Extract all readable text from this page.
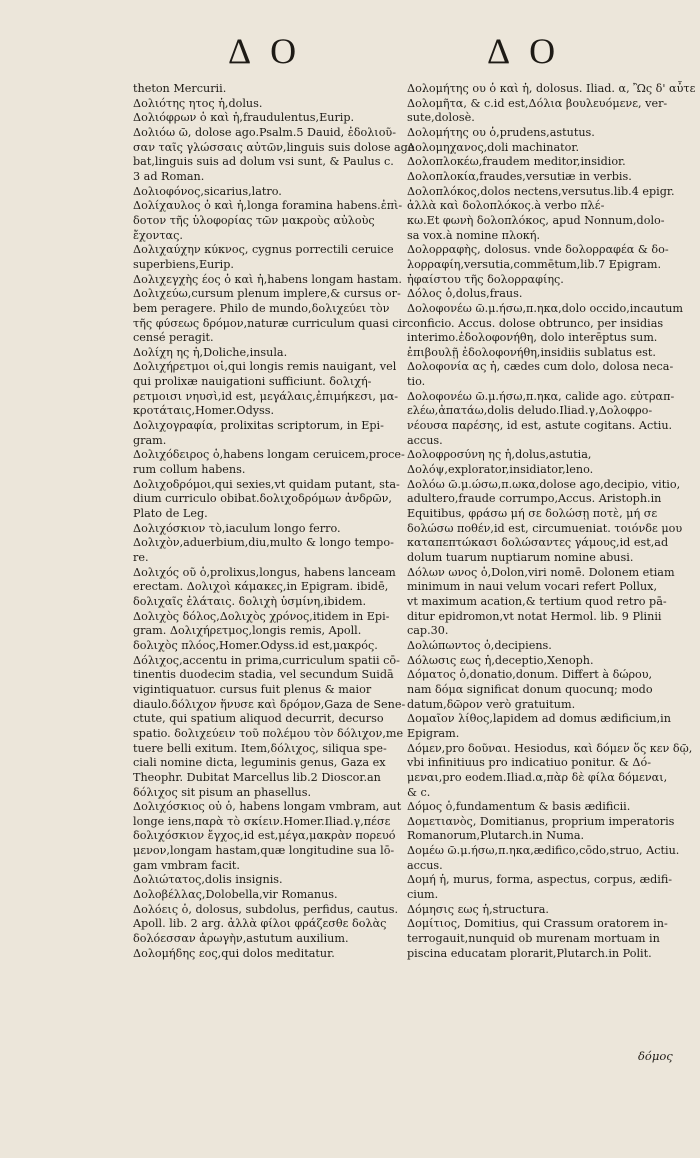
Δ Ο	Δ Ο
theton Mercurii.
Δολιότης ητος ἡ,dolus.
Δολιόφρων ὁ καὶ ἡ,fraudulentus,Eurip.
Δολιόω ῶ, dolose ago.Psalm.5 Dauid, ἐδολιοῦ-
σαν ταῖς γλώσσαις αὐτῶν,linguis suis dolose age
bat,linguis suis ad dolum vsi sunt, & Paulus c.
3 ad Roman.
Δολιοφόνος,sicarius,latro.
Δολίχαυλος ὁ καὶ ἡ,longa foramina habens.ἐπὶ-
δοτον τῆς ὑλοφορίας τῶν μακροὺς αὐλοὺς
ἔχοντας.
Δολιχαύχην κύκνος, cygnus porrectili ceruice
superbiens,Eurip.
Δολιχεγχὴς έος ὁ καὶ ἡ,habens longam hastam.
Δολιχεύω,cursum plenum implere,& cursus or-
bem peragere. Philo de mundo,δολιχεύει τὸν
τῆς φύσεως δρόμον,naturæ curriculum quasi cir
censé peragit.
Δολίχη ης ἡ,Doliche,insula.
Δολιχήρετμοι οἱ,qui longis remis nauigant, vel
qui prolixæ nauigationi sufficiunt. δολιχή-
ρετμοισι νηυσὶ,id est, μεγάλαις,ἐπιμήκεσι, μα-
κροτάταις,Homer.Odyss.
Δολιχογραφία, prolixitas scriptorum, in Epi-
gram.
Δολιχόδειρος ὁ,habens longam ceruicem,proce-
rum collum habens.
Δολιχοδρόμοι,qui sexies,vt quidam putant, sta-
dium curriculo obibat.δολιχοδρόμων ἀνδρῶν,
Plato de Leg.
Δολιχόσκιον τὸ,iaculum longo ferro.
Δολιχὸν,aduerbium,diu,multo & longo tempo-
re.
Δολιχός οῦ ὁ,prolixus,longus, habens lanceam
erectam. Δολιχοὶ κάμακες,in Epigram. ibidē,
δολιχαῖς ἐλάταις. δολιχὴ ὑσμίνη,ibidem.
Δολιχὸς δόλος,Δολιχὸς χρόνος,itidem in Epi-
gram. Δολιχήρετμος,longis remis, Apoll.
δολιχὸς πλόος,Homer.Odyss.id est,μακρός.
Δόλιχος,accentu in prima,curriculum spatii cō-
tinentis duodecim stadia, vel secundum Suidā
vigintiquatuor. cursus fuit plenus & maior
diaulo.δόλιχον ἥνυσε καὶ δρόμον,Gaza de Sene-
ctute, qui spatium aliquod decurrit, decurso
spatio. δολιχεύειν τοῦ πολέμου τὸν δόλιχον,me
tuere belli exitum. Item,δόλιχος, siliqua spe-
ciali nomine dicta, leguminis genus, Gaza ex
Theophr. Dubitat Marcellus lib.2 Dioscor.an
δόλιχος sit pisum an phasellus.
Δολιχόσκιος οὐ ὁ, habens longam vmbram, aut
longe iens,παρὰ τὸ σκίειν.Homer.Iliad.γ,πέσε
δολιχόσκιον ἔγχος,id est,μέγα,μακρὰν πορευό
μενον,longam hastam,quæ longitudine sua lō-
gam vmbram facit.
Δολιώτατος,dolis insignis.
Δολοβέλλας,Dolobella,vir Romanus.
Δολόεις ὁ, dolosus, subdolus, perfidus, cautus.
Apoll. lib. 2 arg. ἀλλὰ φίλοι φράζεσθε δολὰς
δολόεσσαν ἀρωγὴν,astutum auxilium.
Δολομήδης εος,qui dolos meditatur.
Δολομήτης ου ὁ καὶ ἡ, dolosus. Iliad. α, Ὢς δ' αὖτε
Δολομῆτα, & c.id est,Δόλια βουλευόμενε, ver-
sute,dolosè.
Δολομήτης ου ὁ,prudens,astutus.
Δολομηχανος,doli machinator.
Δολοπλοκέω,fraudem meditor,insidior.
Δολοπλοκία,fraudes,versutiæ in verbis.
Δολοπλόκος,dolos nectens,versutus.lib.4 epigr.
ἀλλὰ καὶ δολοπλόκος.à verbo πλέ-
κω.Et φωνὴ δολοπλόκος, apud Nonnum,dolo-
sa vox.à nomine πλοκή.
Δολορραφὴς, dolosus. vnde δολορραφέα & δο-
λορραφίη,versutia,commētum,lib.7 Epigram.
ἠφαίστου τῆς δολορραφίης.
Δόλος ὁ,dolus,fraus.
Δολοφονέω ῶ.μ.ήσω,π.ηκα,dolo occido,incautum
conficio. Accus. dolose obtrunco, per insidias
interimo.ἐδολοφονήθη, dolo interēptus sum.
ἐπιβουλῇ ἐδολοφονήθη,insidiis sublatus est.
Δολοφονία ας ἡ, cædes cum dolo, dolosa neca-
tio.
Δολοφονέω ῶ.μ.ήσω,π.ηκα, calide ago. εὐτραπ-
ελέω,ἀπατάω,dolis deludo.Iliad.γ,Δολοφρο-
νέουσα παρέσης, id est, astute cogitans. Actiu.
accus.
Δολοφροσύνη ης ἡ,dolus,astutia,
Δολόψ,explorator,insidiator,leno.
Δολόω ῶ.μ.ώσω,π.ωκα,dolose ago,decipio, vitio,
adultero,fraude corrumpo,Accus. Aristoph.in
Equitibus, φράσω μή σε δολώσῃ ποτὲ, μή σε
δολώσω ποθέν,id est, circumueniat. τοιόνδε μου
καταπεπτώκασι δολώσαντες γάμους,id est,ad
dolum tuarum nuptiarum nomine abusi.
Δόλων ωνος ὁ,Dolon,viri nomē. Dolonem etiam
minimum in naui velum vocari refert Pollux,
vt maximum acation,& tertium quod retro pā-
ditur epidromon,vt notat Hermol. lib. 9 Plinii
cap.30.
Δολώπωντος ὁ,decipiens.
Δόλωσις εως ἡ,deceptio,Xenoph.
Δόματος ὁ,donatio,donum. Differt à δώρου,
nam δόμα significat donum quocunq; modo
datum,δῶρον verò gratuitum.
Δομαῖον λίθος,lapidem ad domus ædificium,in
Epigram.
Δόμεν,pro δοῦναι. Hesiodus, καὶ δόμεν ὅς κεν δῷ,
vbi infinitiuus pro indicatiuo ponitur. & Δό-
μεναι,pro eodem.Iliad.α,πὰρ δὲ φίλα δόμεναι,
& c.
Δόμος ὁ,fundamentum & basis ædificii.
Δομετιανὸς, Domitianus, proprium imperatoris
Romanorum,Plutarch.in Numa.
Δομέω ῶ.μ.ήσω,π.ηκα,ædifico,cōdo,struo, Actiu.
accus.
Δομή ἡ, murus, forma, aspectus, corpus, ædifi-
cium.
Δόμησις εως ἡ,structura.
Δομίτιος, Domitius, qui Crassum oratorem in-
terrogauit,nunquid ob murenam mortuam in
piscina educatam plorarit,Plutarch.in Polit.
δόμος
